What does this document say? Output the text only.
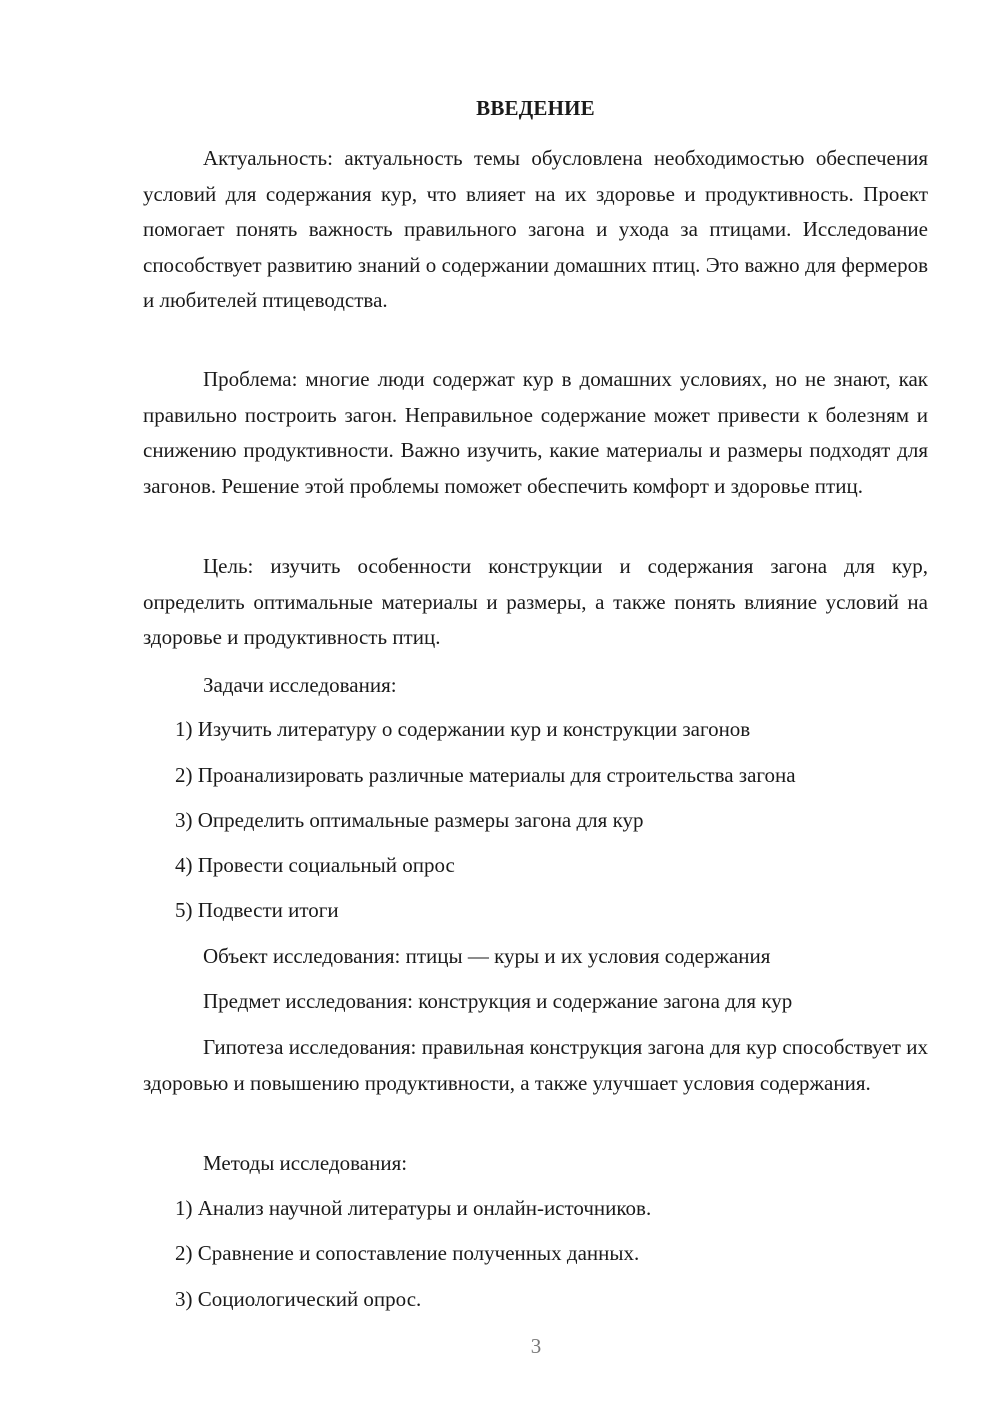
ВВЕДЕНИЕ

Актуальность: актуальность темы обусловлена необходимостью обеспечения условий для содержания кур, что влияет на их здоровье и продуктивность. Проект помогает понять важность правильного загона и ухода за птицами. Исследование способствует развитию знаний о содержании домашних птиц. Это важно для фермеров и любителей птицеводства.

Проблема: многие люди содержат кур в домашних условиях, но не знают, как правильно построить загон. Неправильное содержание может привести к болезням и снижению продуктивности. Важно изучить, какие материалы и размеры подходят для загонов. Решение этой проблемы поможет обеспечить комфорт и здоровье птиц.

Цель: изучить особенности конструкции и содержания загона для кур, определить оптимальные материалы и размеры, а также понять влияние условий на здоровье и продуктивность птиц.

Задачи исследования:

1) Изучить литературу о содержании кур и конструкции загонов

2) Проанализировать различные материалы для строительства загона

3) Определить оптимальные размеры загона для кур

4) Провести социальный опрос

5) Подвести итоги

Объект исследования: птицы — куры и их условия содержания

Предмет исследования: конструкция и содержание загона для кур

Гипотеза исследования: правильная конструкция загона для кур способствует их здоровью и повышению продуктивности, а также улучшает условия содержания.

Методы исследования:

1) Анализ научной литературы и онлайн-источников.

2) Сравнение и сопоставление полученных данных.

3) Социологический опрос.

3
